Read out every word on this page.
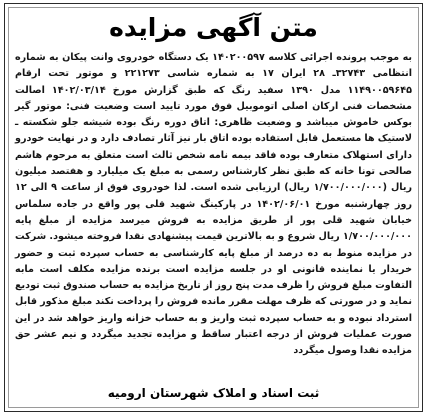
متن آگهی مزایده
به موجب پرونده اجرائی کلاسه ۱۴۰۲۰۰۵۹۷ یک دستگاه خودروی وانت پیکان به شماره انتظامی ۳۲۷۴۳ـ ۲۸ ایران ۱۷ به شماره شاسی ۲۲۱۲۷۳ و موتور تحت ارقام ۱۱۴۹۰۰۵۹۶۴۵ مدل ۱۳۹۰ سفید رنگ که طبق گزارش مورخ ۱۴۰۲/۰۳/۱۴ اصالت مشخصات فنی ارکان اصلی اتوموبیل فوق مورد تایید است وضعیت فنی: موتور گیر بوکس خاموش میباشد و وضعیت ظاهری: اتاق دوره رنگ بوده شیشه جلو شکسته ـ لاستیک ها مستعمل قابل استفاده بوده اتاق بار نیز آثار تصادف دارد و در نهایت خودرو دارای استهلاک متعارف بوده فاقد بیمه نامه شخص ثالث است متعلق به مرحوم هاشم صالحی تونا خانه که طبق نظر کارشناس رسمی به مبلغ یک میلیارد و هفتصد میلیون ریال (۱/۷۰۰/۰۰۰/۰۰۰ ریال) ارزیابی شده است. لذا خودروی فوق از ساعت ۹ الی ۱۲ روز چهارشنبه مورخ ۱۴۰۲/۰۶/۰۱ در پارکینگ شهید قلی پور واقع در جاده سلماس خیابان شهید قلی پور از طریق مزایده به فروش میرسد مزایده از مبلغ پایه ۱/۷۰۰/۰۰۰/۰۰۰ ریال شروع و به بالاترین قیمت پیشنهادی نقدا فروخته میشود. شرکت در مزایده منوط به ده درصد از مبلغ پایه کارشناسی به حساب سپرده ثبت و حضور خریدار یا نماینده قانونی او در جلسه مزایده است برنده مزایده مکلف است مابه التفاوت مبلغ فروش را ظرف مدت پنج روز از تاریخ مزایده به حساب صندوق ثبت تودیع نماید و در صورتی که ظرف مهلت مقرر مانده فروش را پرداخت نکند مبلغ مذکور قابل استرداد نبوده و به حساب سپرده ثبت واریز و به حساب خزانه واریز خواهد شد در این صورت عملیات فروش از درجه اعتبار ساقط و مزایده تجدید میگردد و نیم عشر حق مزایده نقدا وصول میگردد
ثبت اسناد و املاک شهرستان ارومیه
